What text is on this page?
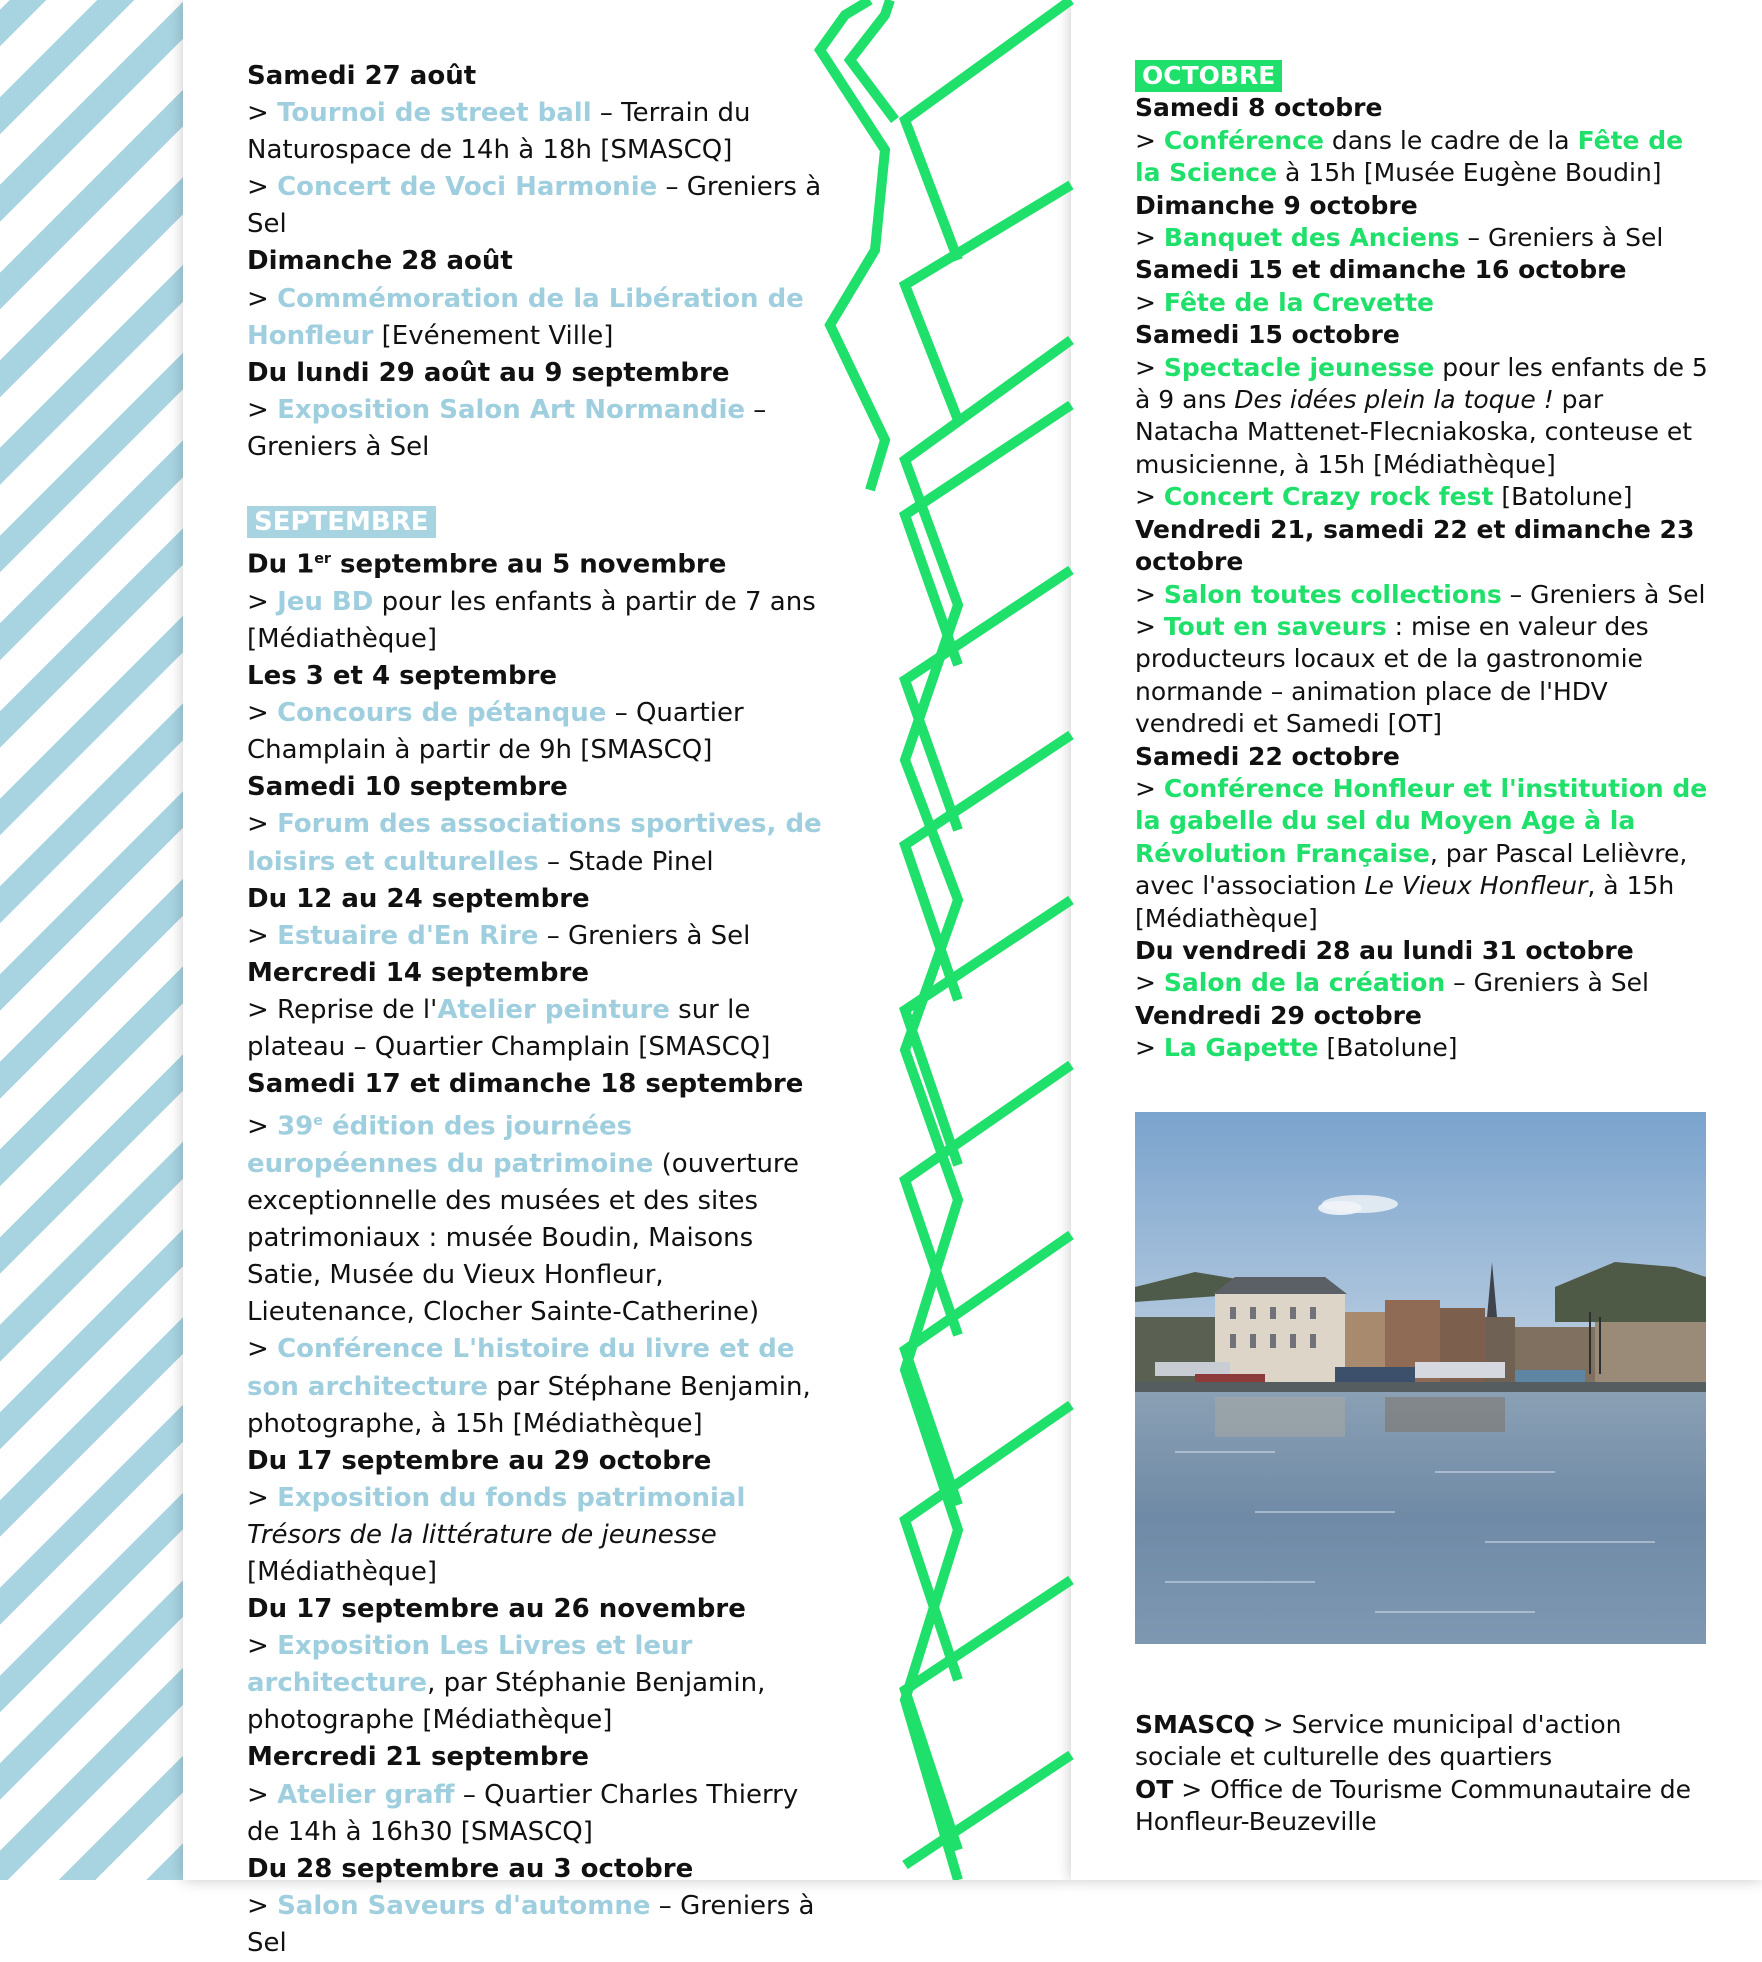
Samedi 27 août
> Tournoi de street ball – Terrain du Naturospace de 14h à 18h [SMASCQ]
> Concert de Voci Harmonie – Greniers à Sel
Dimanche 28 août
> Commémoration de la Libération de Honfleur [Evénement Ville]
Du lundi 29 août au 9 septembre
> Exposition Salon Art Normandie – Greniers à Sel
SEPTEMBRE
Du 1er septembre au 5 novembre
> Jeu BD pour les enfants à partir de 7 ans [Médiathèque]
Les 3 et 4 septembre
> Concours de pétanque – Quartier Champlain à partir de 9h [SMASCQ]
Samedi 10 septembre
> Forum des associations sportives, de loisirs et culturelles – Stade Pinel
Du 12 au 24 septembre
> Estuaire d'En Rire – Greniers à Sel
Mercredi 14 septembre
> Reprise de l'Atelier peinture sur le plateau – Quartier Champlain [SMASCQ]
Samedi 17 et dimanche 18 septembre
> $39^e$ édition des journées européennes du patrimoine (ouverture exceptionnelle des musées et des sites patrimoniaux : musée Boudin, Maisons Satie, Musée du Vieux Honfleur, Lieutenance, Clocher Sainte-Catherine)
> Conférence L'histoire du livre et de son architecture par Stéphane Benjamin, photographe, à 15h [Médiathèque]
Du 17 septembre au 29 octobre
> Exposition du fonds patrimonial Trésors de la littérature de jeunesse [Médiathèque]
Du 17 septembre au 26 novembre
> Exposition Les Livres et leur architecture, par Stéphanie Benjamin, photographe [Médiathèque]
Mercredi 21 septembre
> Atelier graff – Quartier Charles Thierry de 14h à 16h30 [SMASCQ]
Du 28 septembre au 3 octobre
> Salon Saveurs d'automne – Greniers à Sel
OCTOBRE
Samedi 8 octobre
> Conférence dans le cadre de la Fête de la Science à 15h [Musée Eugène Boudin]
Dimanche 9 octobre
> Banquet des Anciens – Greniers à Sel
Samedi 15 et dimanche 16 octobre
> Fête de la Crevette
Samedi 15 octobre
> Spectacle jeunesse pour les enfants de 5 à 9 ans Des idées plein la toque ! par Natacha Mattenet-Flecniakoska, conteuse et musicienne, à 15h [Médiathèque]
> Concert Crazy rock fest [Batolune]
Vendredi 21, samedi 22 et dimanche 23 octobre
> Salon toutes collections – Greniers à Sel
> Tout en saveurs : mise en valeur des producteurs locaux et de la gastronomie normande – animation place de l'HDV vendredi et Samedi [OT]
Samedi 22 octobre
> Conférence Honfleur et l'institution de la gabelle du sel du Moyen Age à la Révolution Française, par Pascal Lelièvre, avec l'association Le Vieux Honfleur, à 15h [Médiathèque]
Du vendredi 28 au lundi 31 octobre
> Salon de la création – Greniers à Sel
Vendredi 29 octobre
> La Gapette [Batolune]
SMASCQ > Service municipal d'action sociale et culturelle des quartiers
OT > Office de Tourisme Communautaire de Honfleur-Beuzeville
